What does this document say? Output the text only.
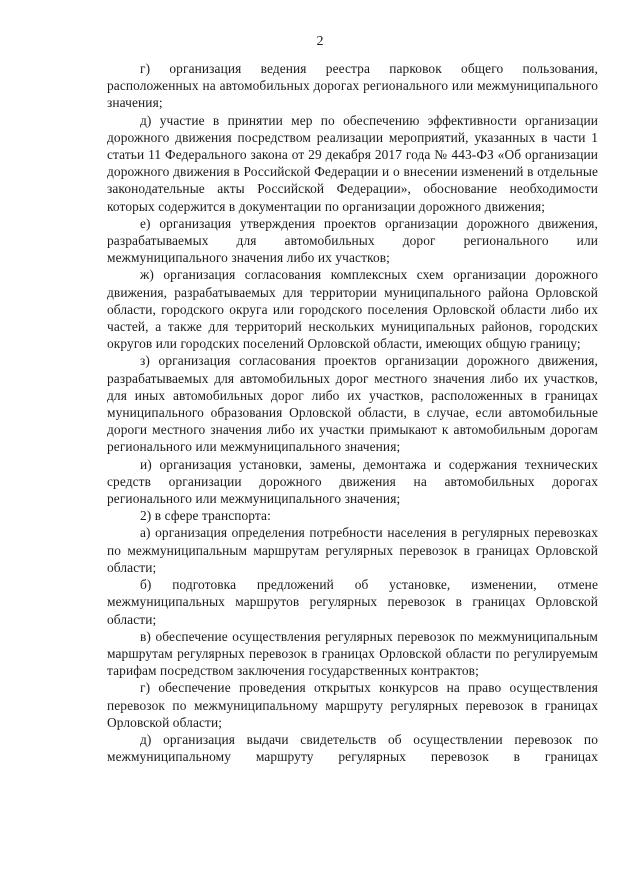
2

г) организация ведения реестра парковок общего пользования, расположенных на автомобильных дорогах регионального или межмуниципального значения;

д) участие в принятии мер по обеспечению эффективности организации дорожного движения посредством реализации мероприятий, указанных в части 1 статьи 11 Федерального закона от 29 декабря 2017 года № 443-ФЗ «Об организации дорожного движения в Российской Федерации и о внесении изменений в отдельные законодательные акты Российской Федерации», обоснование необходимости которых содержится в документации по организации дорожного движения;

е) организация утверждения проектов организации дорожного движения, разрабатываемых для автомобильных дорог регионального или межмуниципального значения либо их участков;

ж) организация согласования комплексных схем организации дорожного движения, разрабатываемых для территории муниципального района Орловской области, городского округа или городского поселения Орловской области либо их частей, а также для территорий нескольких муниципальных районов, городских округов или городских поселений Орловской области, имеющих общую границу;

з) организация согласования проектов организации дорожного движения, разрабатываемых для автомобильных дорог местного значения либо их участков, для иных автомобильных дорог либо их участков, расположенных в границах муниципального образования Орловской области, в случае, если автомобильные дороги местного значения либо их участки примыкают к автомобильным дорогам регионального или межмуниципального значения;

и) организация установки, замены, демонтажа и содержания технических средств организации дорожного движения на автомобильных дорогах регионального или межмуниципального значения;

2) в сфере транспорта:

а) организация определения потребности населения в регулярных перевозках по межмуниципальным маршрутам регулярных перевозок в границах Орловской области;

б) подготовка предложений об установке, изменении, отмене межмуниципальных маршрутов регулярных перевозок в границах Орловской области;

в) обеспечение осуществления регулярных перевозок по межмуниципальным маршрутам регулярных перевозок в границах Орловской области по регулируемым тарифам посредством заключения государственных контрактов;

г) обеспечение проведения открытых конкурсов на право осуществления перевозок по межмуниципальному маршруту регулярных перевозок в границах Орловской области;

д) организация выдачи свидетельств об осуществлении перевозок по межмуниципальному маршруту регулярных перевозок в границах
